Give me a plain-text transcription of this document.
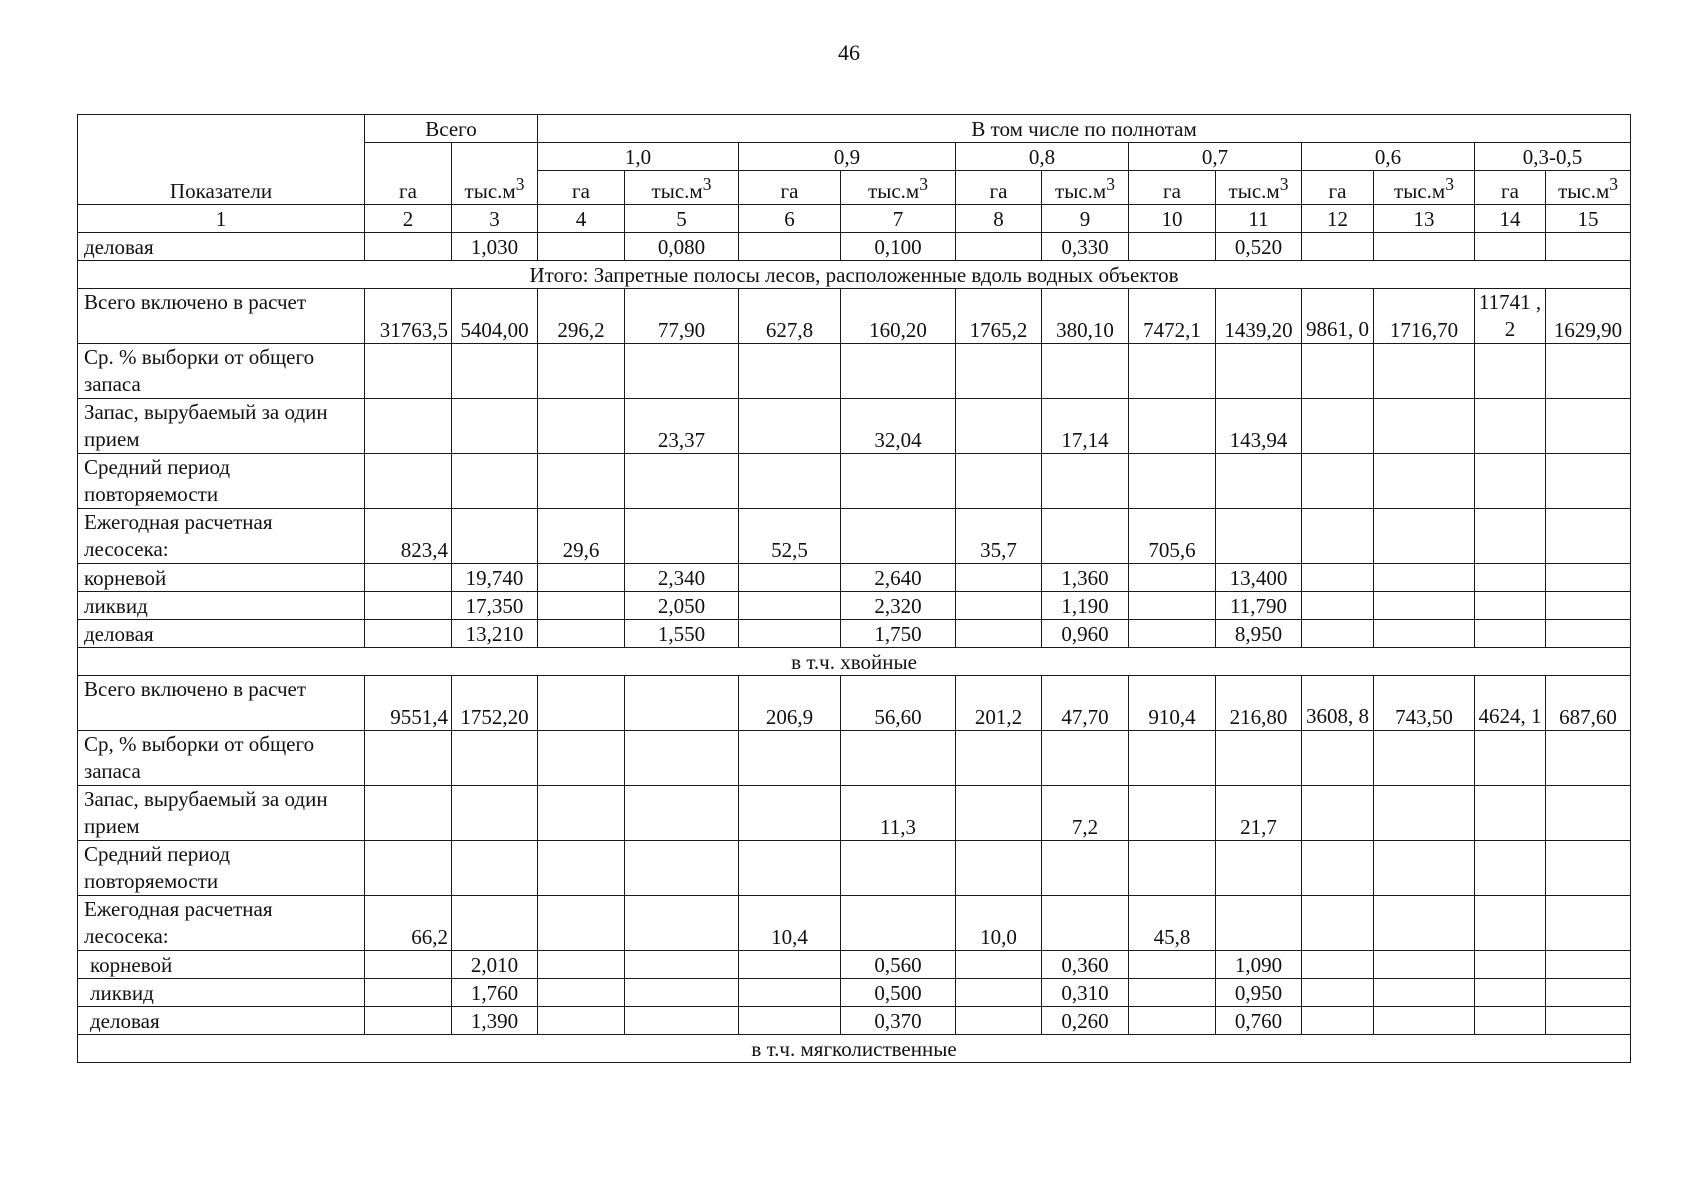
46
Показатели	Всего		В том числе по полнотам											
	га	$тыс.м^3$	1,0		0,9		0,8		0,7		0,6		0,3-0,5	
			га	$тыс.м^3$	га	$тыс.м^3$	га	$тыс.м^3$	га	$тыс.м^3$	га	$тыс.м^3$	га	$тыс.м^3$
1	2	3	4	5	6	7	8	9	10	11	12	13	14	15
деловая		1,030		0,080		0,100		0,330		0,520				
Итого: Запретные полосы лесов, расположенные вдоль водных объектов														
Всего включено в расчет	31763,5	5404,00	296,2	77,90	627,8	160,20	1765,2	380,10	7472,1	1439,20	9861, 0	1716,70	11741 ,2	1629,90
Ср. % выборки от общего запаса														
Запас, вырубаемый за один прием				23,37		32,04		17,14		143,94				
Средний период повторяемости														
Ежегодная расчетная лесосека:	823,4		29,6		52,5		35,7		705,6					
корневой		19,740		2,340		2,640		1,360		13,400				
ликвид		17,350		2,050		2,320		1,190		11,790				
деловая		13,210		1,550		1,750		0,960		8,950				
в т.ч. хвойные														
Всего включено в расчет	9551,4	1752,20			206,9	56,60	201,2	47,70	910,4	216,80	3608, 8	743,50	4624, 1	687,60
Ср, % выборки от общего запаса														
Запас, вырубаемый за один прием						11,3		7,2		21,7				
Средний период повторяемости														
Ежегодная расчетная лесосека:	66,2				10,4		10,0		45,8					
корневой		2,010				0,560		0,360		1,090				
ликвид		1,760				0,500		0,310		0,950				
деловая		1,390				0,370		0,260		0,760				
в т.ч. мягколиственные														
